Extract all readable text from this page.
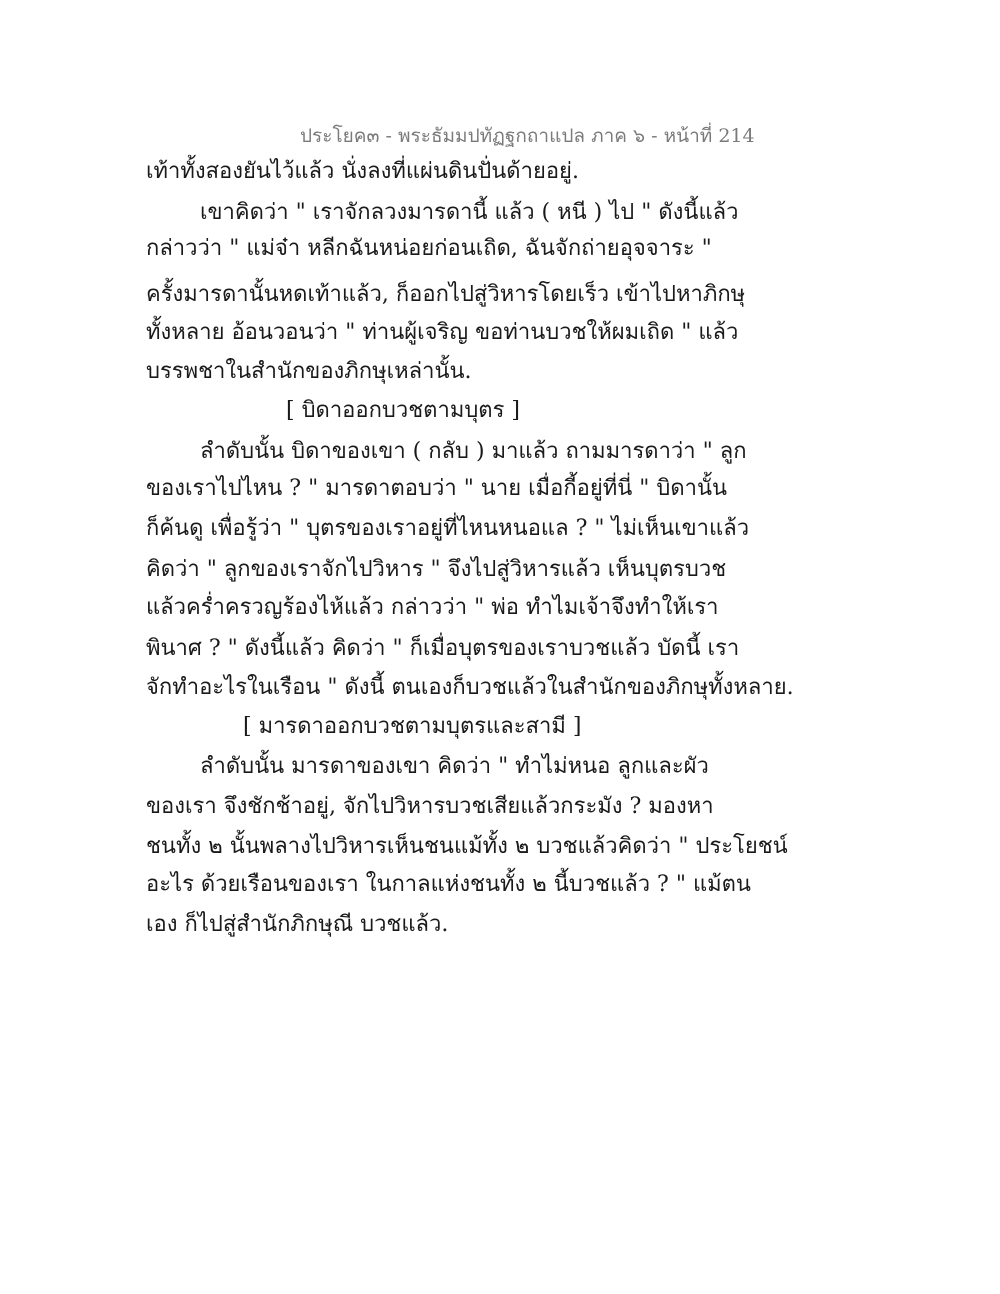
ประโยค๓ - พระธัมมปทัฏฐกถาแปล ภาค ๖ - หน้าที่ 214
เท้าทั้งสองยันไว้แล้ว นั่งลงที่แผ่นดินปั่นด้ายอยู่.
เขาคิดว่า " เราจักลวงมารดานี้ แล้ว ( หนี ) ไป " ดังนี้แล้ว
กล่าวว่า " แม่จ๋า หลีกฉันหน่อยก่อนเถิด, ฉันจักถ่ายอุจจาระ "
ครั้งมารดานั้นหดเท้าแล้ว, ก็ออกไปสู่วิหารโดยเร็ว เข้าไปหาภิกษุ
ทั้งหลาย อ้อนวอนว่า " ท่านผู้เจริญ ขอท่านบวชให้ผมเถิด " แล้ว
บรรพชาในสำนักของภิกษุเหล่านั้น.
[ บิดาออกบวชตามบุตร ]
ลำดับนั้น บิดาของเขา ( กลับ ) มาแล้ว ถามมารดาว่า " ลูก
ของเราไปไหน ? " มารดาตอบว่า " นาย เมื่อกี้อยู่ที่นี่ " บิดานั้น
ก็ค้นดู เพื่อรู้ว่า " บุตรของเราอยู่ที่ไหนหนอแล ? " ไม่เห็นเขาแล้ว
คิดว่า " ลูกของเราจักไปวิหาร " จึงไปสู่วิหารแล้ว เห็นบุตรบวช
แล้วคร่ำครวญร้องไห้แล้ว กล่าวว่า " พ่อ ทำไมเจ้าจึงทำให้เรา
พินาศ ? " ดังนี้แล้ว คิดว่า " ก็เมื่อบุตรของเราบวชแล้ว บัดนี้ เรา
จักทำอะไรในเรือน " ดังนี้ ตนเองก็บวชแล้วในสำนักของภิกษุทั้งหลาย.
[ มารดาออกบวชตามบุตรและสามี ]
ลำดับนั้น มารดาของเขา คิดว่า " ทำไม่หนอ ลูกและผัว
ของเรา จึงชักช้าอยู่, จักไปวิหารบวชเสียแล้วกระมัง ? มองหา
ชนทั้ง ๒ นั้นพลางไปวิหารเห็นชนแม้ทั้ง ๒ บวชแล้วคิดว่า " ประโยชน์
อะไร ด้วยเรือนของเรา ในกาลแห่งชนทั้ง ๒ นี้บวชแล้ว ? " แม้ตน
เอง ก็ไปสู่สำนักภิกษุณี บวชแล้ว.
